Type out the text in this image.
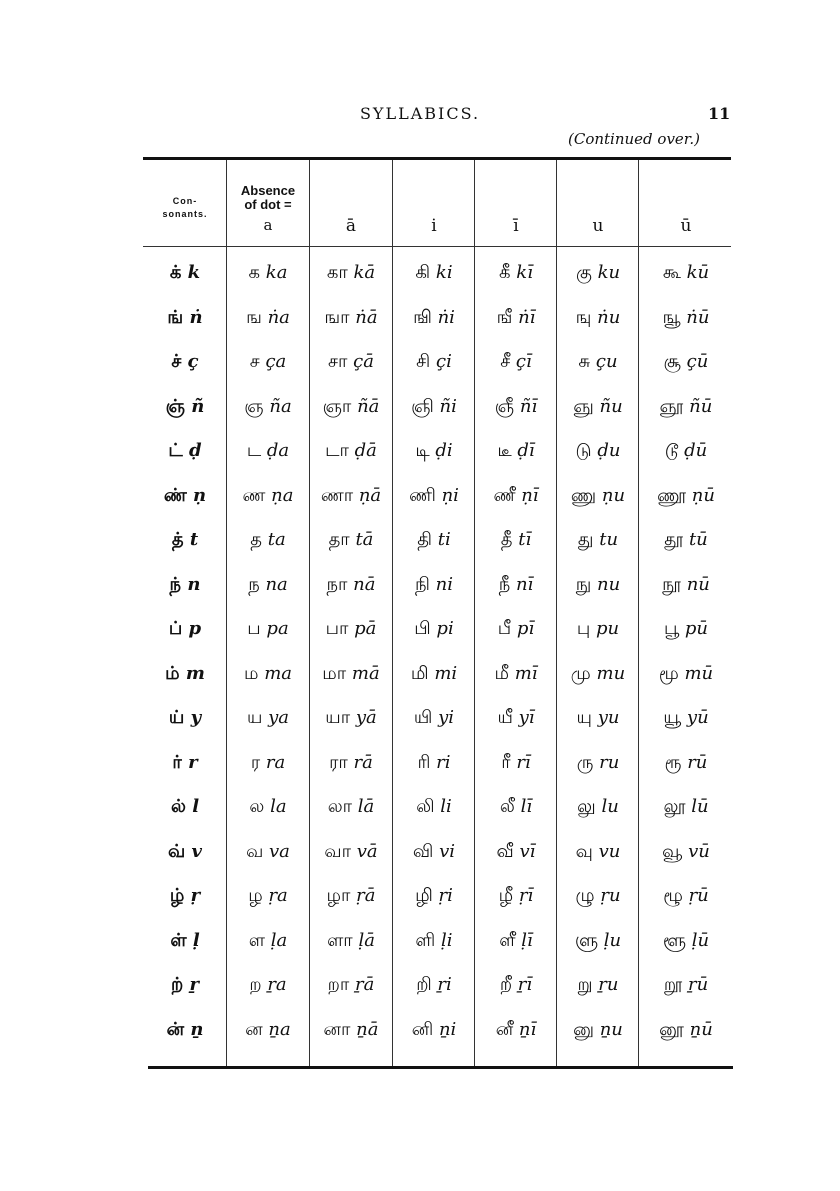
SYLLABICS.	11
(Continued over.)
Con-
sonants.
Absence
of dot =
a	ā	i	ī	u	ū
க் k	க ka	கா kā	கி ki	கீ kī	கு ku	கூ kū
ங் ṅ	ங ṅa	ஙா ṅā	ஙி ṅi	ஙீ ṅī	ஙு ṅu	ஙூ ṅū
ச் ç	ச ça	சா çā	சி çi	சீ çī	சு çu	சூ çū
ஞ் ñ	ஞ ña	ஞா ñā	ஞி ñi	ஞீ ñī	ஞு ñu	ஞூ ñū
ட் ḍ	ட ḍa	டா ḍā	டி ḍi	டீ ḍī	டு ḍu	டூ ḍū
ண் ṇ	ண ṇa	ணா ṇā	ணி ṇi	ணீ ṇī	ணு ṇu	ணூ ṇū
த் t	த ta	தா tā	தி ti	தீ tī	து tu	தூ tū
ந் n	ந na	நா nā	நி ni	நீ nī	நு nu	நூ nū
ப் p	ப pa	பா pā	பி pi	பீ pī	பு pu	பூ pū
ம் m	ம ma	மா mā	மி mi	மீ mī	மு mu	மூ mū
ய் y	ய ya	யா yā	யி yi	யீ yī	யு yu	யூ yū
ர் r	ர ra	ரா rā	ரி ri	ரீ rī	ரு ru	ரூ rū
ல் l	ல la	லா lā	லி li	லீ lī	லு lu	லூ lū
வ் v	வ va	வா vā	வி vi	வீ vī	வு vu	வூ vū
ழ் ṛ	ழ ṛa	ழா ṛā	ழி ṛi	ழீ ṛī	ழு ṛu	ழூ ṛū
ள் ḷ	ள ḷa	ளா ḷā	ளி ḷi	ளீ ḷī	ளு ḷu	ளூ ḷū
ற் ṟ	ற ṟa	றா ṟā	றி ṟi	றீ ṟī	று ṟu	றூ ṟū
ன் ṉ	ன ṉa	னா ṉā	னி ṉi	னீ ṉī	னு ṉu	னூ ṉū
